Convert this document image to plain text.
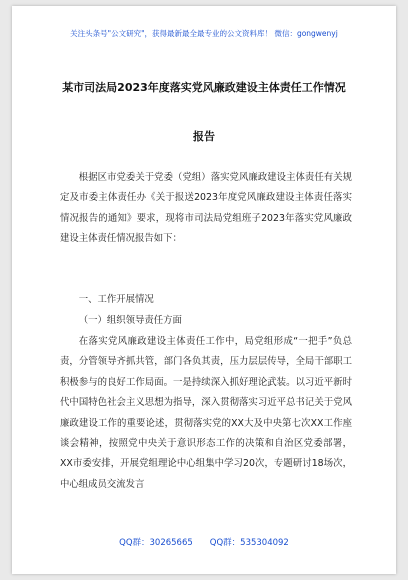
关注头条号"公文研究"，获得最新最全最专业的公文资料库！ 微信：gongwenyj
某市司法局2023年度落实党风廉政建设主体责任工作情况
报告
根据区市党委关于党委（党组）落实党风廉政建设主体责任有关规定及市委主体责任办《关于报送2023年度党风廉政建设主体责任落实情况报告的通知》要求，现将市司法局党组班子2023年落实党风廉政建设主体责任情况报告如下：
一、工作开展情况
（一）组织领导责任方面
在落实党风廉政建设主体责任工作中，局党组形成“一把手”负总责，分管领导齐抓共管，部门各负其责，压力层层传导，全局干部职工积极参与的良好工作局面。一是持续深入抓好理论武装。以习近平新时代中国特色社会主义思想为指导，深入贯彻落实习近平总书记关于党风廉政建设工作的重要论述，贯彻落实党的XX大及中央第七次XX工作座谈会精神，按照党中央关于意识形态工作的决策和自治区党委部署，XX市委安排，开展党组理论中心组集中学习20次，专题研讨18场次，中心组成员交流发言
QQ群：30265665　　QQ群：535304092
